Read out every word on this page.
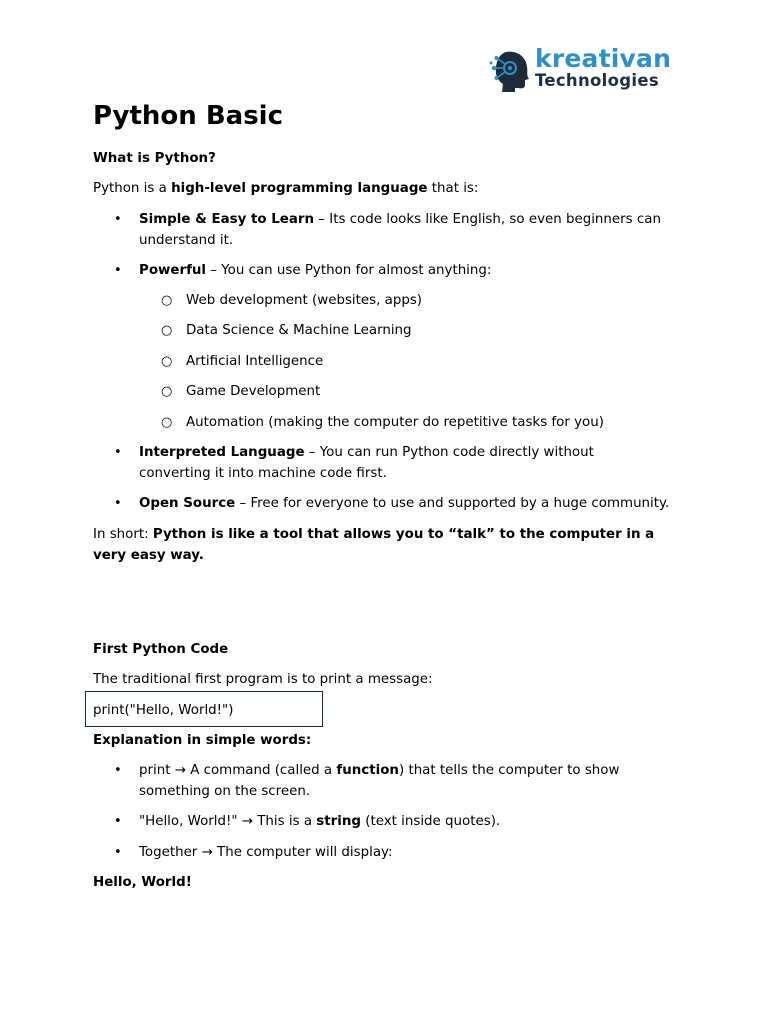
kreativan
Technologies
Python Basic

What is Python?

Python is a high-level programming language that is:

• Simple & Easy to Learn – Its code looks like English, so even beginners can understand it.

• Powerful – You can use Python for almost anything:

○ Web development (websites, apps)

○ Data Science & Machine Learning

○ Artificial Intelligence

○ Game Development

○ Automation (making the computer do repetitive tasks for you)

• Interpreted Language – You can run Python code directly without converting it into machine code first.

• Open Source – Free for everyone to use and supported by a huge community.

In short: Python is like a tool that allows you to “talk” to the computer in a very easy way.

First Python Code

The traditional first program is to print a message:

print("Hello, World!")

Explanation in simple words:

• print → A command (called a function) that tells the computer to show something on the screen.

• "Hello, World!" → This is a string (text inside quotes).

• Together → The computer will display:

Hello, World!
